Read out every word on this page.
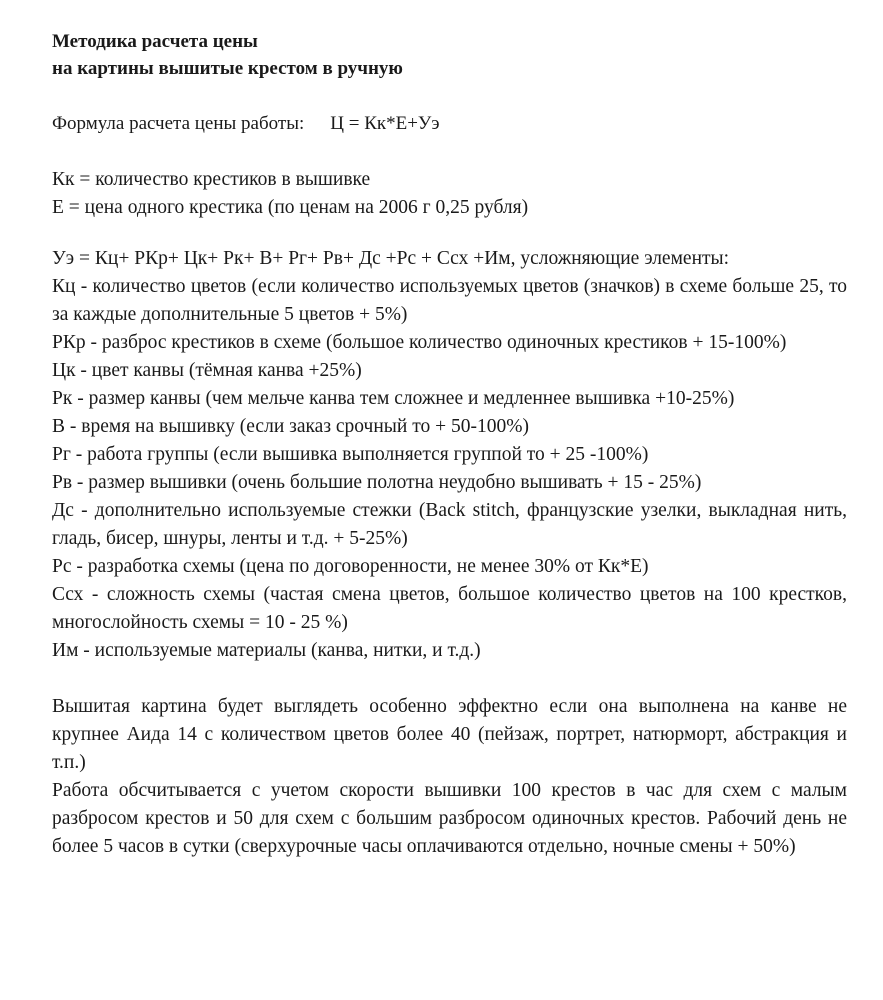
Методика расчета цены
на картины вышитые крестом в ручную
Формула расчета цены работы: Ц = Кк*Е+Уэ
Кк = количество крестиков в вышивке
Е = цена одного крестика (по ценам на 2006 г 0,25 рубля)

Уэ = Кц+ РКр+ Цк+ Рк+ В+ Рг+ Рв+ Дс +Рс + Ссх +Им, усложняющие элементы:

Кц - количество цветов (если количество используемых цветов (значков) в схеме больше 25, то за каждые дополнительные 5 цветов + 5%)

РКр - разброс крестиков в схеме (большое количество одиночных крестиков + 15-100%)

Цк - цвет канвы (тёмная канва +25%)

Рк - размер канвы (чем мельче канва тем сложнее и медленнее вышивка +10-25%)

В - время на вышивку (если заказ срочный то + 50-100%)

Рг - работа группы (если вышивка выполняется группой то + 25 -100%)

Рв - размер вышивки (очень большие полотна неудобно вышивать + 15 - 25%)

Дс - дополнительно используемые стежки (Back stitch, французские узелки, выкладная нить, гладь, бисер, шнуры, ленты и т.д. + 5-25%)

Рс - разработка схемы (цена по договоренности, не менее 30% от Кк*Е)

Ссх - сложность схемы (частая смена цветов, большое количество цветов на 100 крестков, многослойность схемы = 10 - 25 %)

Им - используемые материалы (канва, нитки, и т.д.)

Вышитая картина будет выглядеть особенно эффектно если она выполнена на канве не крупнее Аида 14 с количеством цветов более 40 (пейзаж, портрет, натюрморт, абстракция и т.п.)

Работа обсчитывается с учетом скорости вышивки 100 крестов в час для схем с малым разбросом крестов и 50 для схем с большим разбросом одиночных крестов. Рабочий день не более 5 часов в сутки (сверхурочные часы оплачиваются отдельно, ночные смены + 50%)
